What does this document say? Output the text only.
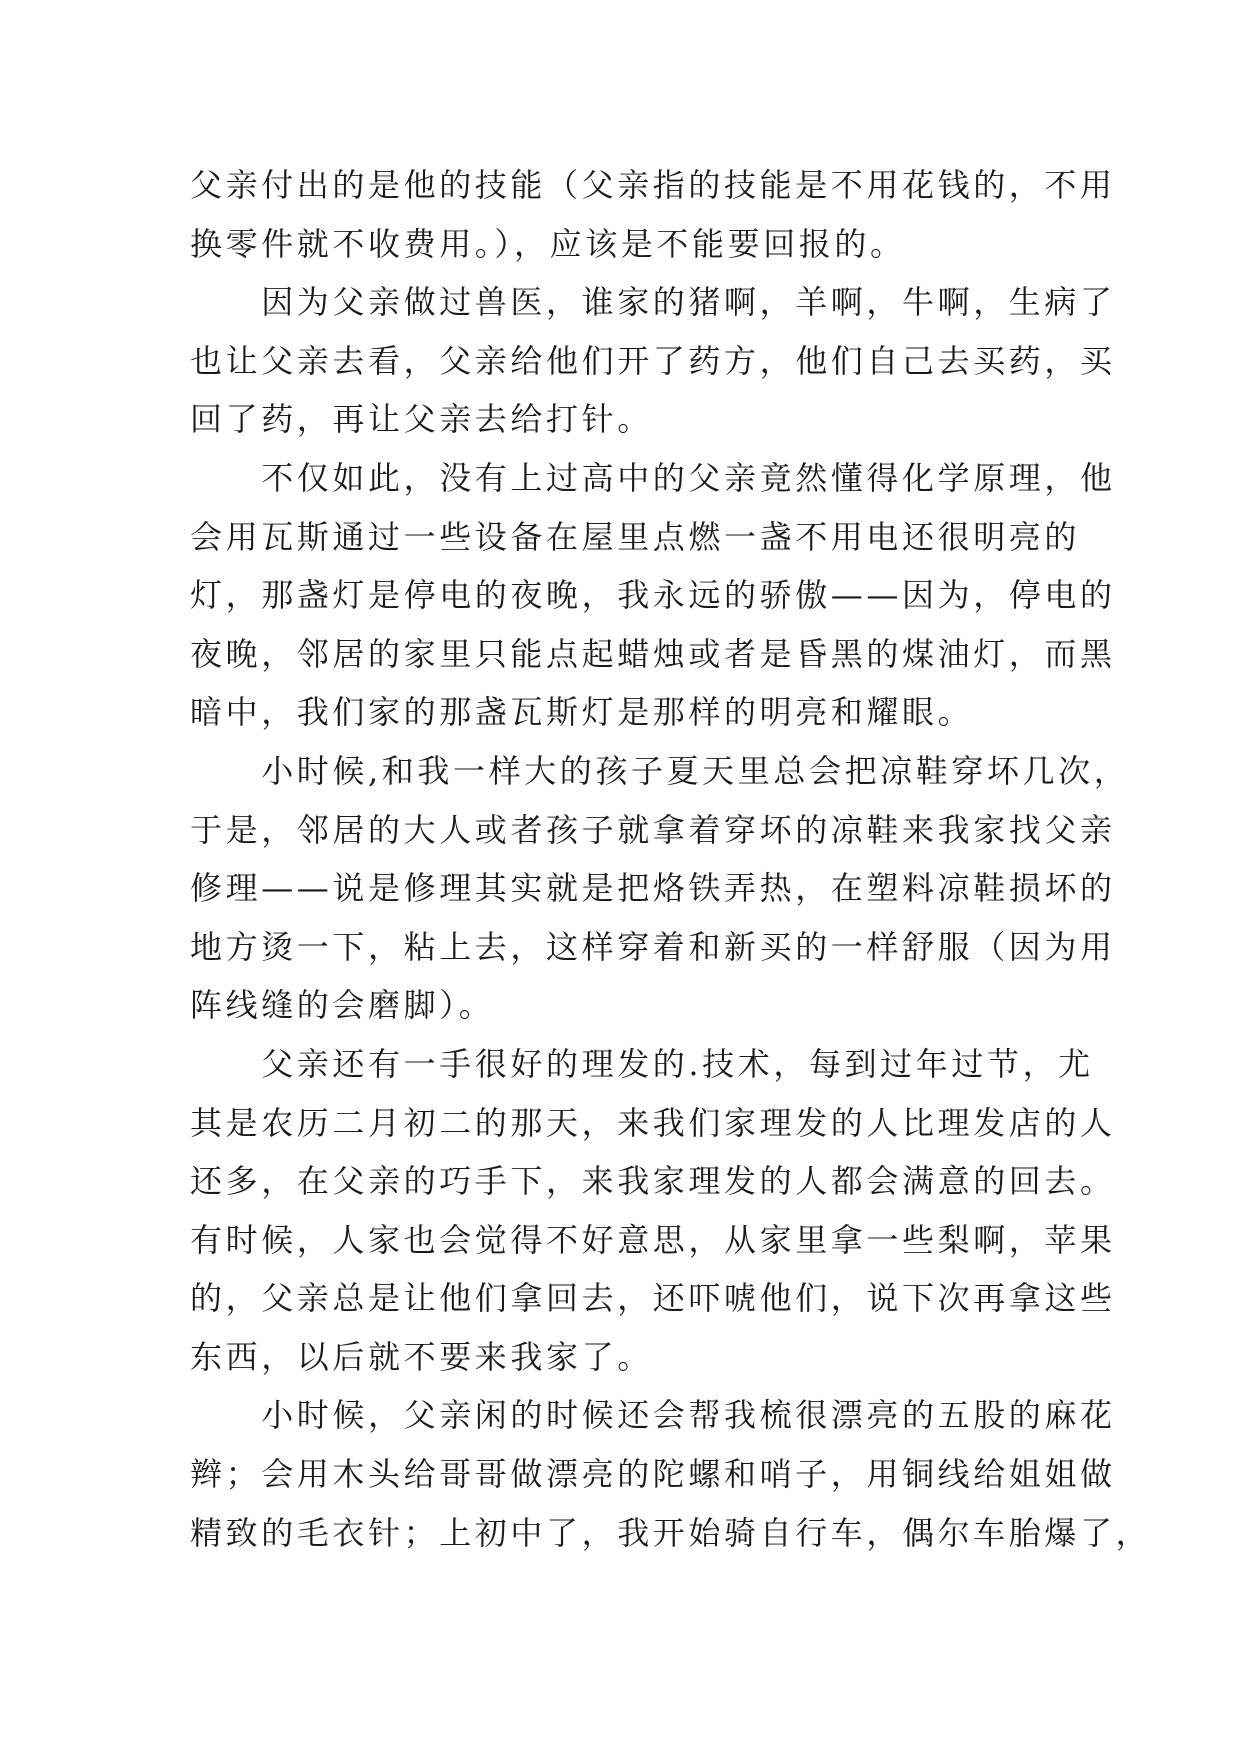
父亲付出的是他的技能（父亲指的技能是不用花钱的，不用
换零件就不收费用。），应该是不能要回报的。
　　因为父亲做过兽医，谁家的猪啊，羊啊，牛啊，生病了
也让父亲去看，父亲给他们开了药方，他们自己去买药，买
回了药，再让父亲去给打针。
　　不仅如此，没有上过高中的父亲竟然懂得化学原理，他
会用瓦斯通过一些设备在屋里点燃一盏不用电还很明亮的
灯，那盏灯是停电的夜晚，我永远的骄傲——因为，停电的
夜晚，邻居的家里只能点起蜡烛或者是昏黑的煤油灯，而黑
暗中，我们家的那盏瓦斯灯是那样的明亮和耀眼。
　　小时候,和我一样大的孩子夏天里总会把凉鞋穿坏几次，
于是，邻居的大人或者孩子就拿着穿坏的凉鞋来我家找父亲
修理——说是修理其实就是把烙铁弄热，在塑料凉鞋损坏的
地方烫一下，粘上去，这样穿着和新买的一样舒服（因为用
阵线缝的会磨脚）。
　　父亲还有一手很好的理发的.技术，每到过年过节，尤
其是农历二月初二的那天，来我们家理发的人比理发店的人
还多，在父亲的巧手下，来我家理发的人都会满意的回去。
有时候，人家也会觉得不好意思，从家里拿一些梨啊，苹果
的，父亲总是让他们拿回去，还吓唬他们，说下次再拿这些
东西，以后就不要来我家了。
　　小时候，父亲闲的时候还会帮我梳很漂亮的五股的麻花
辫；会用木头给哥哥做漂亮的陀螺和哨子，用铜线给姐姐做
精致的毛衣针；上初中了，我开始骑自行车，偶尔车胎爆了，
